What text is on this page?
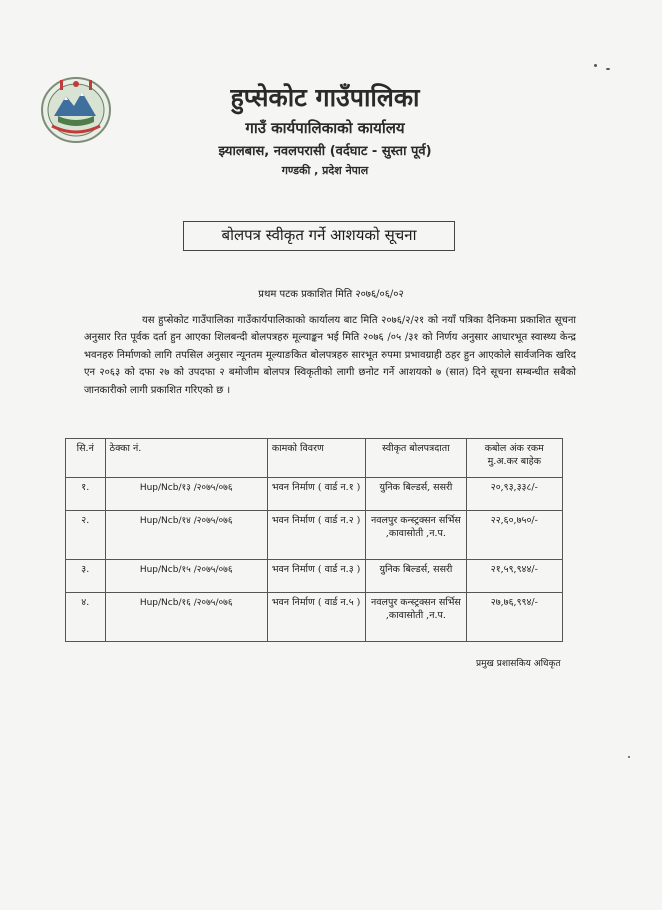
हुप्सेकोट गाउँपालिका
गाउँ कार्यपालिकाको कार्यालय
झ्यालबास, नवलपरासी (वर्दघाट - सुस्ता पूर्व)
गण्डकी , प्रदेश नेपाल
बोलपत्र स्वीकृत गर्ने आशयको सूचना
प्रथम पटक प्रकाशित मिति २०७६/०६/०२
यस हुप्सेकोट गाउँपालिका गाउँकार्यपालिकाको कार्यालय बाट मिति २०७६/२/२१ को नयाँ पत्रिका दैनिकमा प्रकाशित सूचना अनुसार रित पूर्वक दर्ता हुन आएका शिलबन्दी बोलपत्रहरु मूल्याङ्कन भई मिति २०७६ /०५ /३१ को निर्णय अनुसार आधारभूत स्वास्थ्य केन्द्र भवनहरु निर्माणको लागि तपसिल अनुसार न्यूनतम मूल्याङकित बोलपत्रहरु सारभूत रुपमा प्रभावग्राही ठहर हुन आएकोले सार्वजनिक खरिद एन २०६३ को दफा २७ को उपदफा २ बमोजीम बोलपत्र स्विकृतीको लागी छनोट गर्ने आशयको ७ (सात) दिने सूचना सम्बन्धीत सबैको जानकारीको लागी प्रकाशित गरिएको छ ।
सि.नं	ठेक्का नं.	कामको विवरण	स्वीकृत बोलपत्रदाता	कबोल अंक रकम मु.अ.कर बाहेक
१.	Hup/Ncb/१३ /२०७५/०७६	भवन निर्माण ( वार्ड न.१ )	युनिक बिल्डर्स, ससरी	२०,९३,३३८/-
२.	Hup/Ncb/१४ /२०७५/०७६	भवन निर्माण ( वार्ड न.२ )	नवलपुर कन्स्ट्रक्सन सर्भिस ,कावासोती ,न.प.	२२,६०,७५०/-
३.	Hup/Ncb/१५ /२०७५/०७६	भवन निर्माण ( वार्ड न.३ )	युनिक बिल्डर्स, ससरी	२१,५९,९४४/-
४.	Hup/Ncb/१६ /२०७५/०७६	भवन निर्माण ( वार्ड न.५ )	नवलपुर कन्स्ट्रक्सन सर्भिस ,कावासोती ,न.प.	२७,७६,९९४/-
प्रमुख प्रशासकिय अधिकृत
